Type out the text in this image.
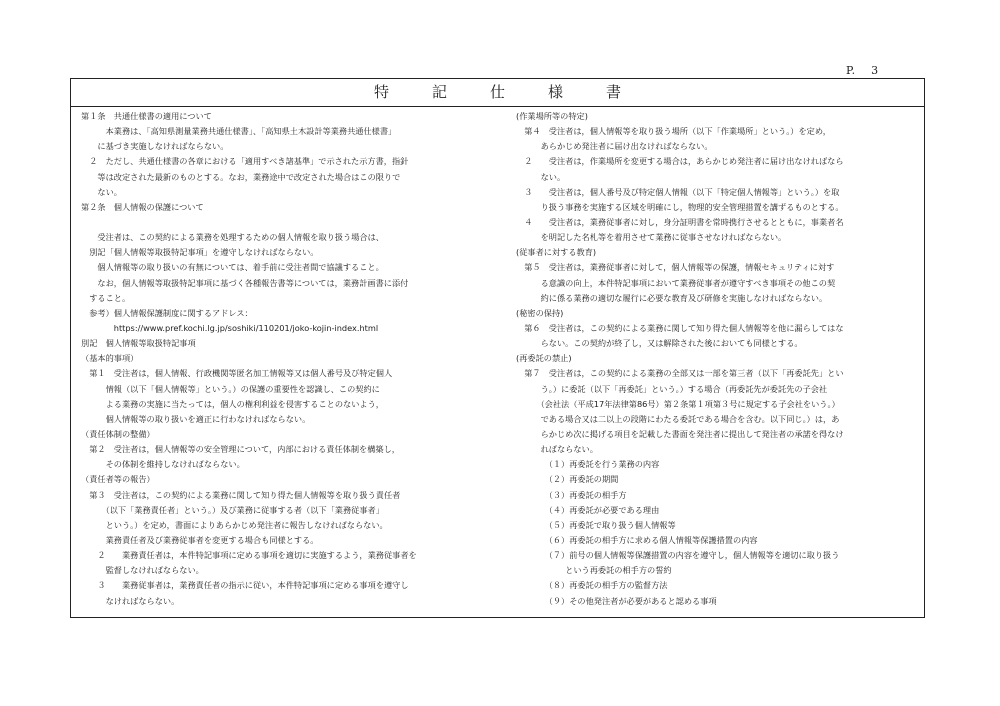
P.　 3
特　記　仕　様　書
第１条　共通仕様書の適用について
　　　本業務は、「高知県測量業務共通仕様書」、「高知県土木設計等業務共通仕様書」
　　に基づき実施しなければならない。
　２　ただし、共通仕様書の各章における「適用すべき諸基準」で示された示方書，指針
　　等は改定された最新のものとする。なお，業務途中で改定された場合はこの限りで
　　ない。
第２条　個人情報の保護について
　　受注者は、この契約による業務を処理するための個人情報を取り扱う場合は、
　別記「個人情報等取扱特記事項」を遵守しなければならない。
　　個人情報等の取り扱いの有無については、着手前に受注者間で協議すること。
　　なお，個人情報等取扱特記事項に基づく各種報告書等については，業務計画書に添付
　すること。
　参考）個人情報保護制度に関するアドレス：
　　　　https://www.pref.kochi.lg.jp/soshiki/110201/joko-kojin-index.html
別記　個人情報等取扱特記事項
（基本的事項）
　第１　受注者は，個人情報、行政機関等匿名加工情報等又は個人番号及び特定個人
　　　情報（以下「個人情報等」という。）の保護の重要性を認識し、この契約に
　　　よる業務の実施に当たっては，個人の権利利益を侵害することのないよう，
　　　個人情報等の取り扱いを適正に行わなければならない。
（責任体制の整備）
　第２　受注者は，個人情報等の安全管理について，内部における責任体制を構築し，
　　　その体制を維持しなければならない。
（責任者等の報告）
　第３　受注者は，この契約による業務に関して知り得た個人情報等を取り扱う責任者
　　　（以下「業務責任者」という。）及び業務に従事する者（以下「業務従事者」
　　　という。）を定め，書面によりあらかじめ発注者に報告しなければならない。
　　　業務責任者及び業務従事者を変更する場合も同様とする。
　　２　　業務責任者は，本件特記事項に定める事項を適切に実施するよう，業務従事者を
　　　監督しなければならない。
　　３　　業務従事者は，業務責任者の指示に従い，本件特記事項に定める事項を遵守し
　　　なければならない。
(作業場所等の特定)
　第４　受注者は，個人情報等を取り扱う場所（以下「作業場所」という。）を定め，
　　　あらかじめ発注者に届け出なければならない。
　２　　受注者は，作業場所を変更する場合は，あらかじめ発注者に届け出なければなら
　　　ない。
　３　　受注者は，個人番号及び特定個人情報（以下「特定個人情報等」という。）を取
　　　り扱う事務を実施する区域を明確にし，物理的安全管理措置を講ずるものとする。
　４　　受注者は，業務従事者に対し，身分証明書を常時携行させるとともに，事業者名
　　　を明記した名札等を着用させて業務に従事させなければならない。
(従事者に対する教育)
　第５　受注者は，業務従事者に対して，個人情報等の保護，情報セキュリティに対す
　　　る意識の向上，本件特記事項において業務従事者が遵守すべき事項その他この契
　　　約に係る業務の適切な履行に必要な教育及び研修を実施しなければならない。
(秘密の保持)
　第６　受注者は，この契約による業務に関して知り得た個人情報等を他に漏らしてはな
　　　らない。この契約が終了し，又は解除された後においても同様とする。
(再委託の禁止)
　第７　受注者は，この契約による業務の全部又は一部を第三者（以下「再委託先」とい
　　　う。）に委託（以下「再委託」という。）する場合（再委託先が委託先の子会社
　　　（会社法（平成17年法律第86号）第２条第１項第３号に規定する子会社をいう。）
　　　である場合又は二以上の段階にわたる委託である場合を含む。以下同じ。）は，あ
　　　らかじめ次に掲げる項目を記載した書面を発注者に提出して発注者の承諾を得なけ
　　　ればならない。
　　　　（１）再委託を行う業務の内容
　　　　（２）再委託の期間
　　　　（３）再委託の相手方
　　　　（４）再委託が必要である理由
　　　　（５）再委託で取り扱う個人情報等
　　　　（６）再委託の相手方に求める個人情報等保護措置の内容
　　　　（７）前号の個人情報等保護措置の内容を遵守し，個人情報等を適切に取り扱う
　　　　　　という再委託の相手方の誓約
　　　　（８）再委託の相手方の監督方法
　　　　（９）その他発注者が必要があると認める事項
